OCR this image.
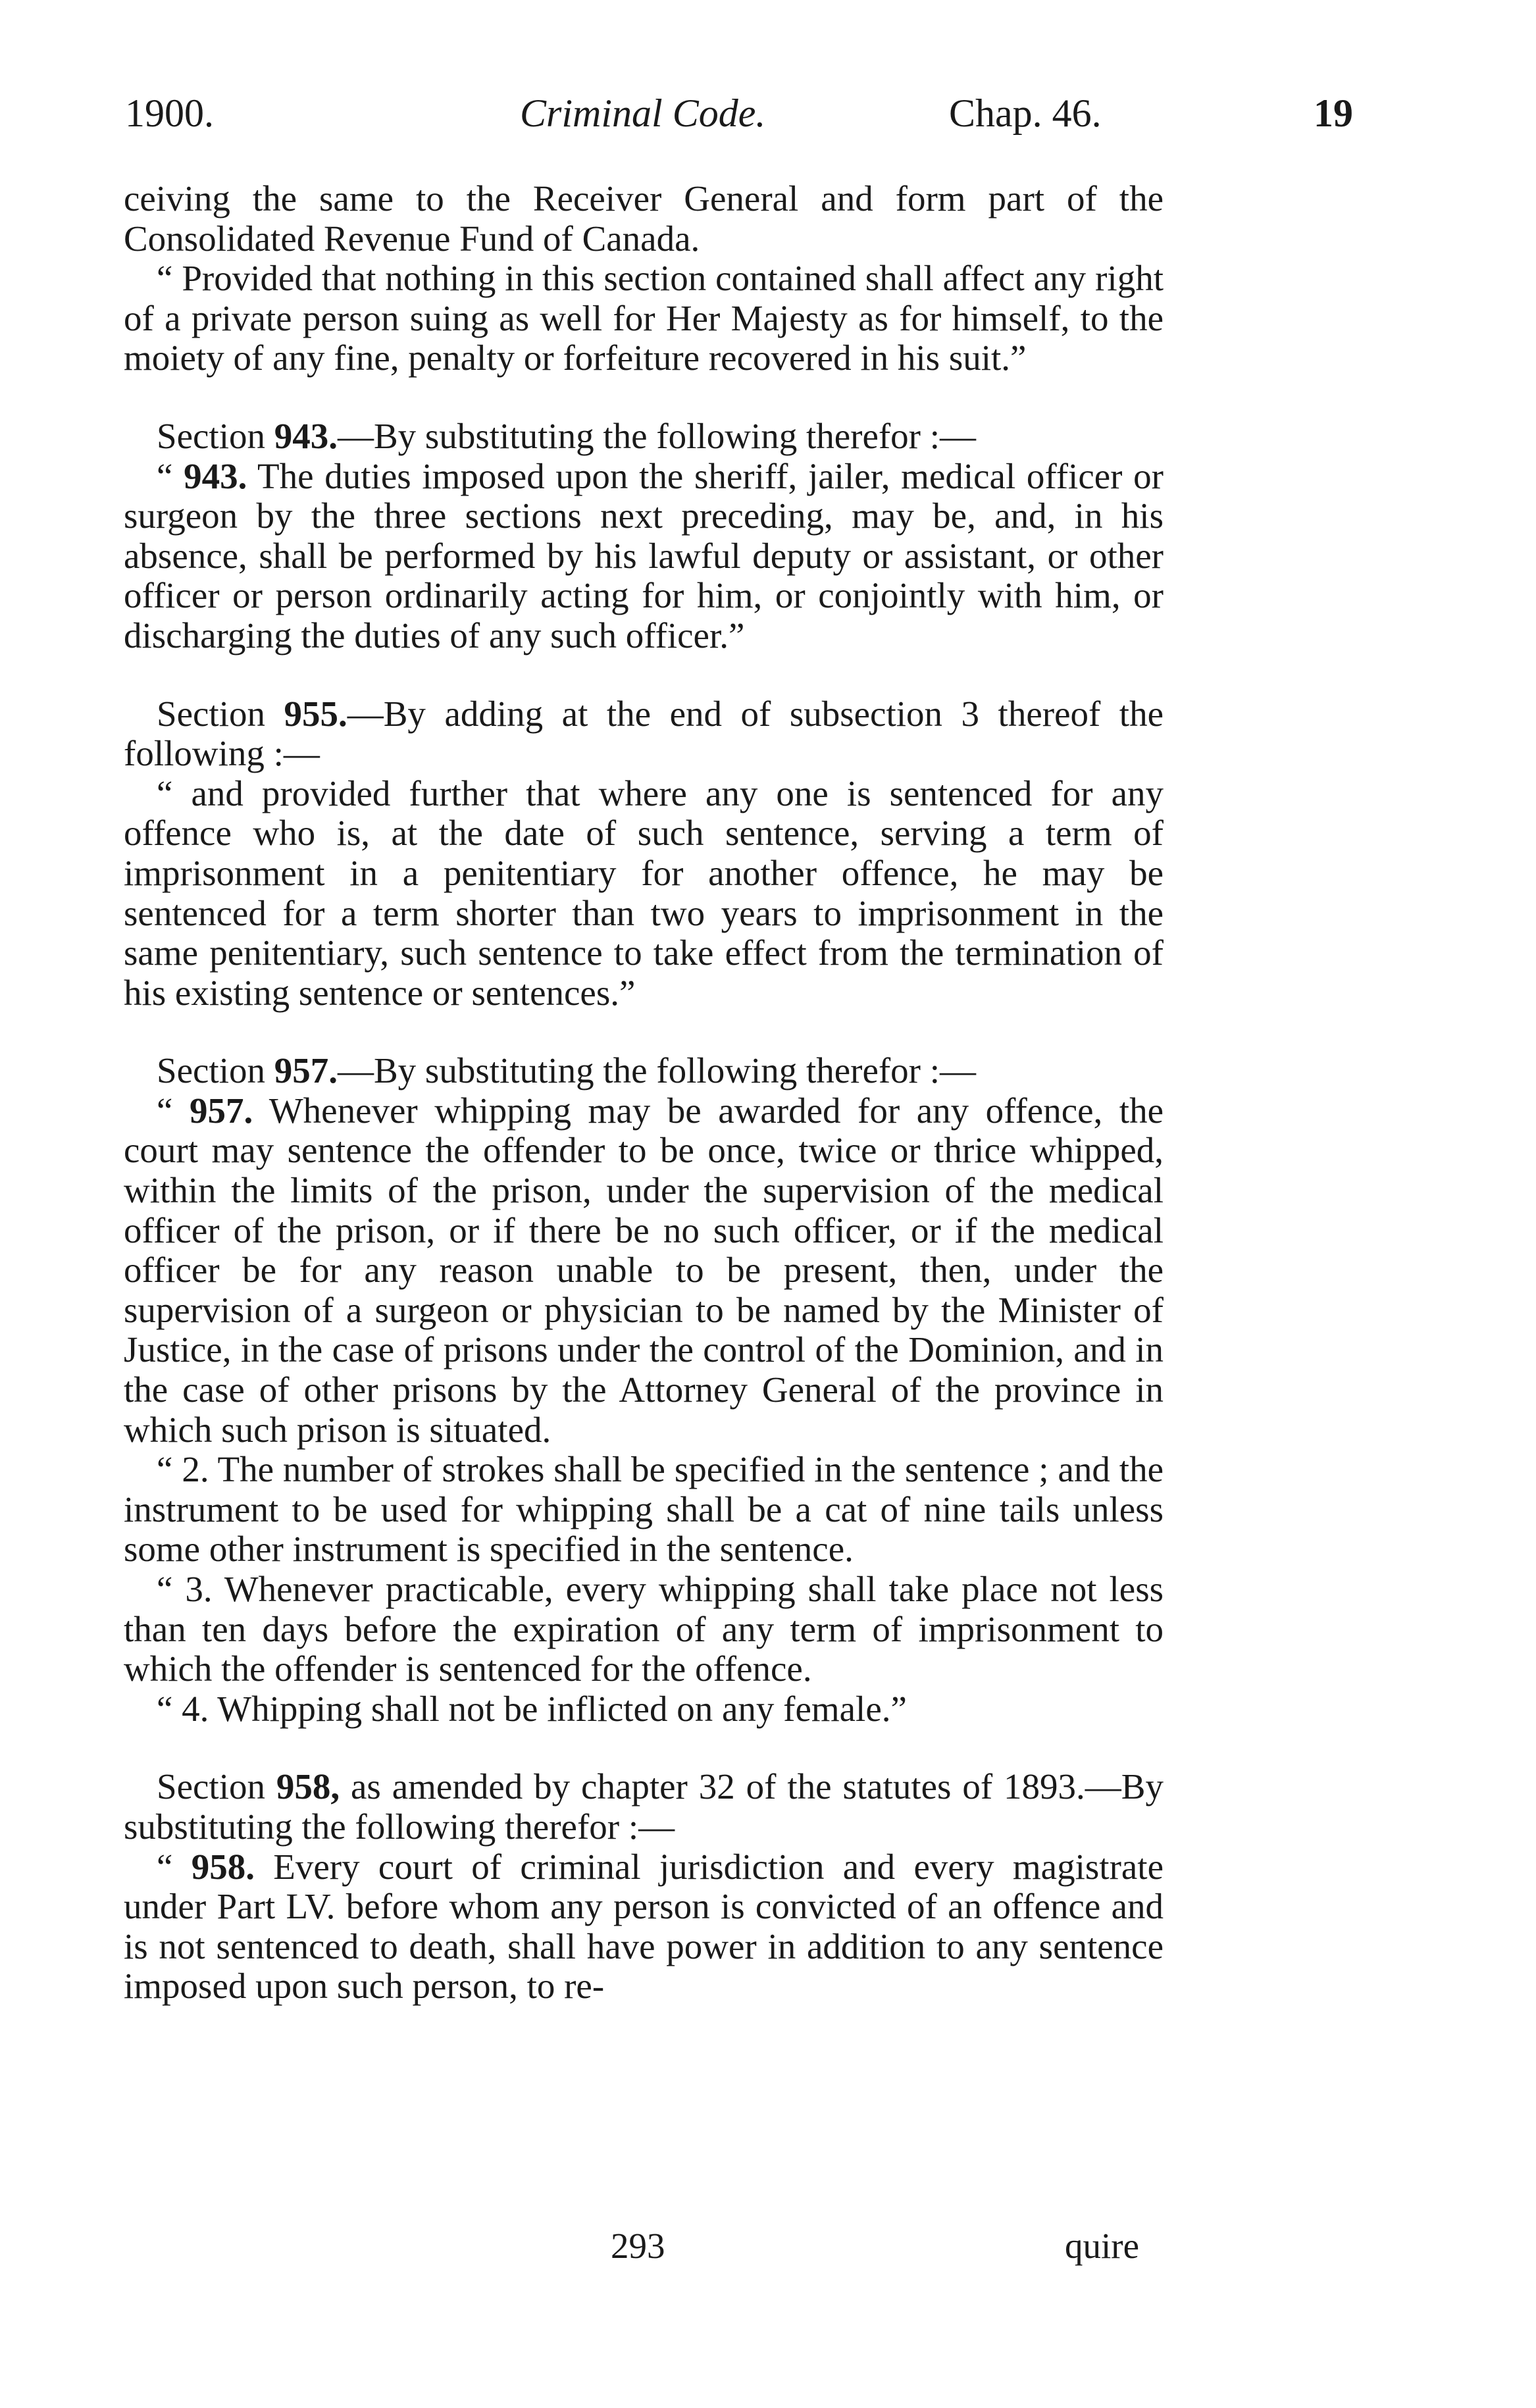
1900.	Criminal Code.	Chap. 46.	19

ceiving the same to the Receiver General and form part of the Consolidated Revenue Fund of Canada.

“ Provided that nothing in this section contained shall affect any right of a private person suing as well for Her Majesty as for himself, to the moiety of any fine, penalty or forfeiture recovered in his suit.”

Section 943.—By substituting the following therefor :—

“ 943. The duties imposed upon the sheriff, jailer, medical officer or surgeon by the three sections next preceding, may be, and, in his absence, shall be performed by his lawful deputy or assistant, or other officer or person ordinarily acting for him, or conjointly with him, or discharging the duties of any such officer.”

Section 955.—By adding at the end of subsection 3 thereof the following :—

“ and provided further that where any one is sentenced for any offence who is, at the date of such sentence, serving a term of imprisonment in a penitentiary for another offence, he may be sentenced for a term shorter than two years to imprisonment in the same penitentiary, such sentence to take effect from the termination of his existing sentence or sentences.”

Section 957.—By substituting the following therefor :—

“ 957. Whenever whipping may be awarded for any offence, the court may sentence the offender to be once, twice or thrice whipped, within the limits of the prison, under the supervision of the medical officer of the prison, or if there be no such officer, or if the medical officer be for any reason unable to be present, then, under the supervision of a surgeon or physician to be named by the Minister of Justice, in the case of prisons under the control of the Dominion, and in the case of other prisons by the Attorney General of the province in which such prison is situated.

“ 2. The number of strokes shall be specified in the sentence ; and the instrument to be used for whipping shall be a cat of nine tails unless some other instrument is specified in the sentence.

“ 3. Whenever practicable, every whipping shall take place not less than ten days before the expiration of any term of imprisonment to which the offender is sentenced for the offence.

“ 4. Whipping shall not be inflicted on any female.”

Section 958, as amended by chapter 32 of the statutes of 1893.—By substituting the following therefor :—

“ 958. Every court of criminal jurisdiction and every magistrate under Part LV. before whom any person is convicted of an offence and is not sentenced to death, shall have power in addition to any sentence imposed upon such person, to re-

293	quire
